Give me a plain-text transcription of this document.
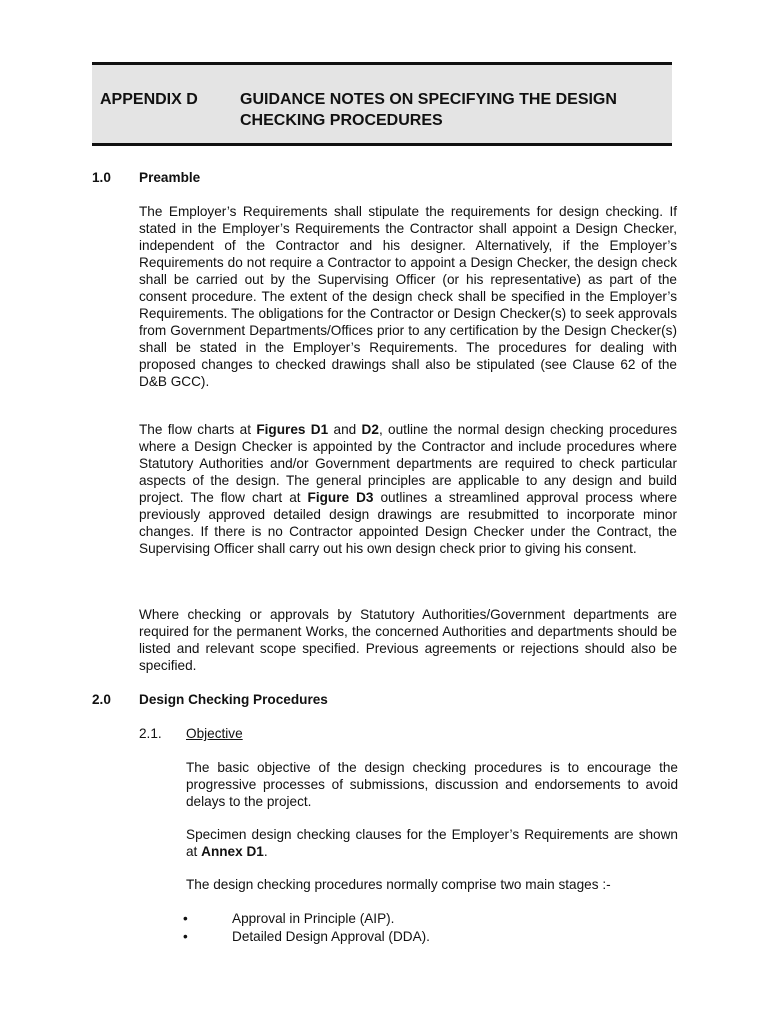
APPENDIX D	GUIDANCE NOTES ON SPECIFYING THE DESIGN CHECKING PROCEDURES
1.0 Preamble

The Employer’s Requirements shall stipulate the requirements for design checking. If stated in the Employer’s Requirements the Contractor shall appoint a Design Checker, independent of the Contractor and his designer. Alternatively, if the Employer’s Requirements do not require a Contractor to appoint a Design Checker, the design check shall be carried out by the Supervising Officer (or his representative) as part of the consent procedure. The extent of the design check shall be specified in the Employer’s Requirements. The obligations for the Contractor or Design Checker(s) to seek approvals from Government Departments/Offices prior to any certification by the Design Checker(s) shall be stated in the Employer’s Requirements. The procedures for dealing with proposed changes to checked drawings shall also be stipulated (see Clause 62 of the D&B GCC).

The flow charts at Figures D1 and D2, outline the normal design checking procedures where a Design Checker is appointed by the Contractor and include procedures where Statutory Authorities and/or Government departments are required to check particular aspects of the design. The general principles are applicable to any design and build project. The flow chart at Figure D3 outlines a streamlined approval process where previously approved detailed design drawings are resubmitted to incorporate minor changes. If there is no Contractor appointed Design Checker under the Contract, the Supervising Officer shall carry out his own design check prior to giving his consent.

Where checking or approvals by Statutory Authorities/Government departments are required for the permanent Works, the concerned Authorities and departments should be listed and relevant scope specified. Previous agreements or rejections should also be specified.

2.0 Design Checking Procedures
2.1. Objective

The basic objective of the design checking procedures is to encourage the progressive processes of submissions, discussion and endorsements to avoid delays to the project.

Specimen design checking clauses for the Employer’s Requirements are shown at Annex D1.

The design checking procedures normally comprise two main stages :-

•	Approval in Principle (AIP).
•	Detailed Design Approval (DDA).
